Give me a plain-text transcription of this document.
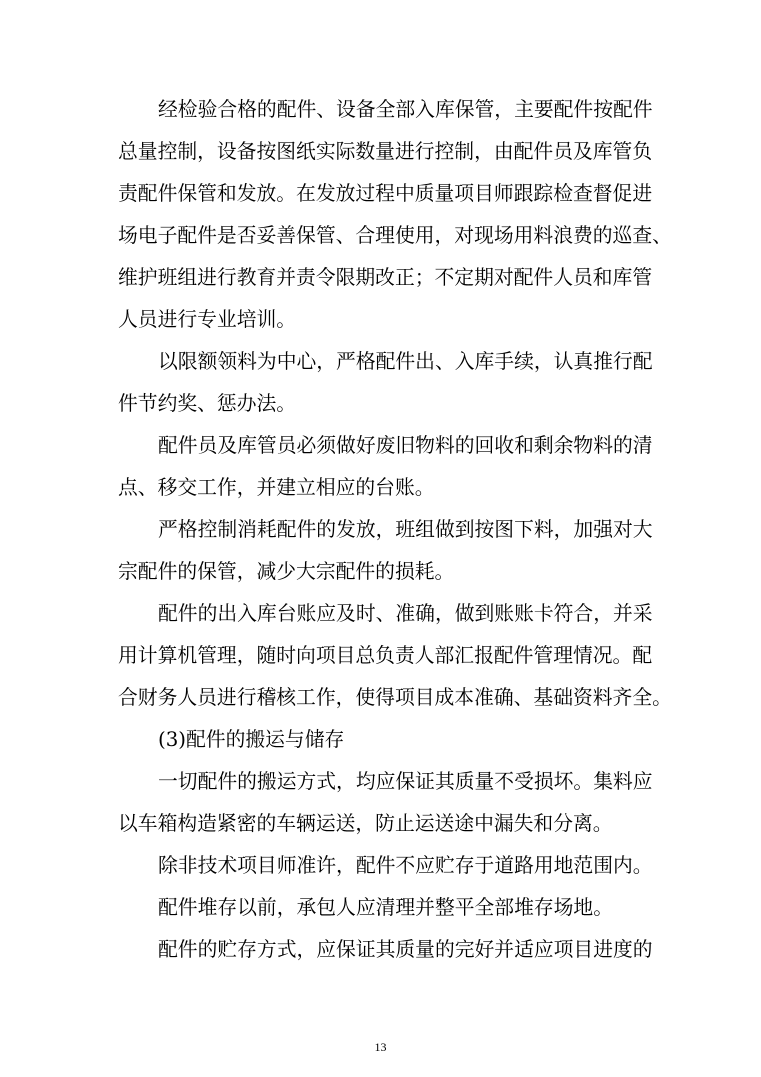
经检验合格的配件、设备全部入库保管，主要配件按配件
总量控制，设备按图纸实际数量进行控制，由配件员及库管负
责配件保管和发放。在发放过程中质量项目师跟踪检查督促进
场电子配件是否妥善保管、合理使用，对现场用料浪费的巡查、
维护班组进行教育并责令限期改正；不定期对配件人员和库管
人员进行专业培训。
以限额领料为中心，严格配件出、入库手续，认真推行配
件节约奖、惩办法。
配件员及库管员必须做好废旧物料的回收和剩余物料的清
点、移交工作，并建立相应的台账。
严格控制消耗配件的发放，班组做到按图下料，加强对大
宗配件的保管，减少大宗配件的损耗。
配件的出入库台账应及时、准确，做到账账卡符合，并采
用计算机管理，随时向项目总负责人部汇报配件管理情况。配
合财务人员进行稽核工作，使得项目成本准确、基础资料齐全。
(3)配件的搬运与储存
一切配件的搬运方式，均应保证其质量不受损坏。集料应
以车箱构造紧密的车辆运送，防止运送途中漏失和分离。
除非技术项目师准许，配件不应贮存于道路用地范围内。
配件堆存以前，承包人应清理并整平全部堆存场地。
配件的贮存方式，应保证其质量的完好并适应项目进度的
13
